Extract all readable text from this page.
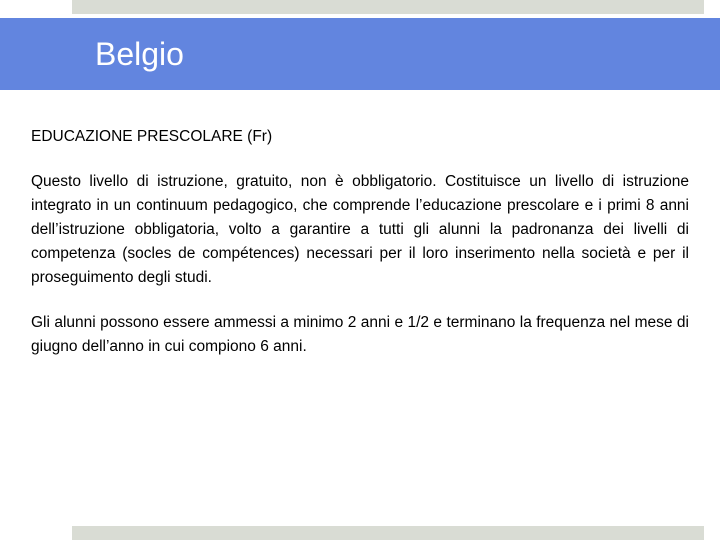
Belgio

EDUCAZIONE PRESCOLARE (Fr)

Questo livello di istruzione, gratuito, non è obbligatorio. Costituisce un livello di istruzione integrato in un continuum pedagogico, che comprende l’educazione prescolare e i primi 8 anni dell’istruzione obbligatoria, volto a garantire a tutti gli alunni la padronanza dei livelli di competenza (socles de compétences) necessari per il loro inserimento nella società e per il proseguimento degli studi.

Gli alunni possono essere ammessi a minimo 2 anni e 1/2 e terminano la frequenza nel mese di giugno dell’anno in cui compiono 6 anni.
